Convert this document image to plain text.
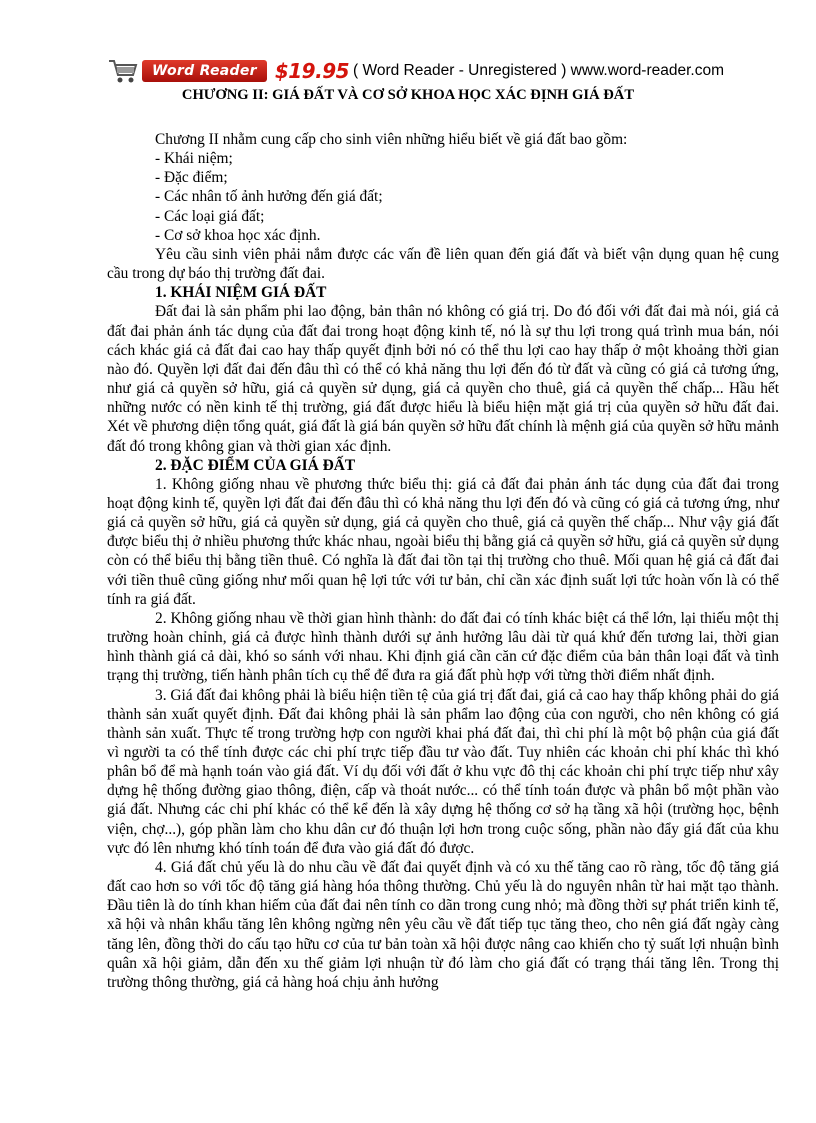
Word Reader $19.95 ( Word Reader - Unregistered ) www.word-reader.com
CHƯƠNG II: GIÁ ĐẤT VÀ CƠ SỞ KHOA HỌC XÁC ĐỊNH GIÁ ĐẤT
Chương II nhằm cung cấp cho sinh viên những hiểu biết về giá đất bao gồm:
- Khái niệm;
- Đặc điểm;
- Các nhân tố ảnh hưởng đến giá đất;
- Các loại giá đất;
- Cơ sở khoa học xác định.

Yêu cầu sinh viên phải nắm được các vấn đề liên quan đến giá đất và biết vận dụng quan hệ cung cầu trong dự báo thị trường đất đai.

1. KHÁI NIỆM GIÁ ĐẤT

Đất đai là sản phẩm phi lao động, bản thân nó không có giá trị. Do đó đối với đất đai mà nói, giá cả đất đai phản ánh tác dụng của đất đai trong hoạt động kinh tế, nó là sự thu lợi trong quá trình mua bán, nói cách khác giá cả đất đai cao hay thấp quyết định bởi nó có thể thu lợi cao hay thấp ở một khoảng thời gian nào đó. Quyền lợi đất đai đến đâu thì có thể có khả năng thu lợi đến đó từ đất và cũng có giá cả tương ứng, như giá cả quyền sở hữu, giá cả quyền sử dụng, giá cả quyền cho thuê, giá cả quyền thế chấp... Hầu hết những nước có nền kinh tế thị trường, giá đất được hiểu là biểu hiện mặt giá trị của quyền sở hữu đất đai. Xét về phương diện tổng quát, giá đất là giá bán quyền sở hữu đất chính là mệnh giá của quyền sở hữu mảnh đất đó trong không gian và thời gian xác định.

2. ĐẶC ĐIỂM CỦA GIÁ ĐẤT

1. Không giống nhau về phương thức biểu thị: giá cả đất đai phản ánh tác dụng của đất đai trong hoạt động kinh tế, quyền lợi đất đai đến đâu thì có khả năng thu lợi đến đó và cũng có giá cả tương ứng, như giá cả quyền sở hữu, giá cả quyền sử dụng, giá cả quyền cho thuê, giá cả quyền thế chấp... Như vậy giá đất được biểu thị ở nhiều phương thức khác nhau, ngoài biểu thị bằng giá cả quyền sở hữu, giá cả quyền sử dụng còn có thể biểu thị bằng tiền thuê. Có nghĩa là đất đai tồn tại thị trường cho thuê. Mối quan hệ giá cả đất đai với tiền thuê cũng giống như mối quan hệ lợi tức với tư bản, chỉ cần xác định suất lợi tức hoàn vốn là có thể tính ra giá đất.

2. Không giống nhau về thời gian hình thành: do đất đai có tính khác biệt cá thể lớn, lại thiếu một thị trường hoàn chỉnh, giá cả được hình thành dưới sự ảnh hưởng lâu dài từ quá khứ đến tương lai, thời gian hình thành giá cả dài, khó so sánh với nhau. Khi định giá cần căn cứ đặc điểm của bản thân loại đất và tình trạng thị trường, tiến hành phân tích cụ thể để đưa ra giá đất phù hợp với từng thời điểm nhất định.

3. Giá đất đai không phải là biểu hiện tiền tệ của giá trị đất đai, giá cả cao hay thấp không phải do giá thành sản xuất quyết định. Đất đai không phải là sản phẩm lao động của con người, cho nên không có giá thành sản xuất. Thực tế trong trường hợp con người khai phá đất đai, thì chi phí là một bộ phận của giá đất vì người ta có thể tính được các chi phí trực tiếp đầu tư vào đất. Tuy nhiên các khoản chi phí khác thì khó phân bổ để mà hạnh toán vào giá đất. Ví dụ đối với đất ở khu vực đô thị các khoản chi phí trực tiếp như xây dựng hệ thống đường giao thông, điện, cấp và thoát nước... có thể tính toán được và phân bổ một phần vào giá đất. Nhưng các chi phí khác có thể kể đến là xây dựng hệ thống cơ sở hạ tầng xã hội (trường học, bệnh viện, chợ...), góp phần làm cho khu dân cư đó thuận lợi hơn trong cuộc sống, phần nào đẩy giá đất của khu vực đó lên nhưng khó tính toán để đưa vào giá đất đó được.

4. Giá đất chủ yếu là do nhu cầu về đất đai quyết định và có xu thế tăng cao rõ ràng, tốc độ tăng giá đất cao hơn so với tốc độ tăng giá hàng hóa thông thường. Chủ yếu là do nguyên nhân từ hai mặt tạo thành. Đầu tiên là do tính khan hiếm của đất đai nên tính co dãn trong cung nhỏ; mà đồng thời sự phát triển kinh tế, xã hội và nhân khẩu tăng lên không ngừng nên yêu cầu về đất tiếp tục tăng theo, cho nên giá đất ngày càng tăng lên, đồng thời do cấu tạo hữu cơ của tư bản toàn xã hội được nâng cao khiến cho tỷ suất lợi nhuận bình quân xã hội giảm, dẫn đến xu thế giảm lợi nhuận từ đó làm cho giá đất có trạng thái tăng lên. Trong thị trường thông thường, giá cả hàng hoá chịu ảnh hưởng
